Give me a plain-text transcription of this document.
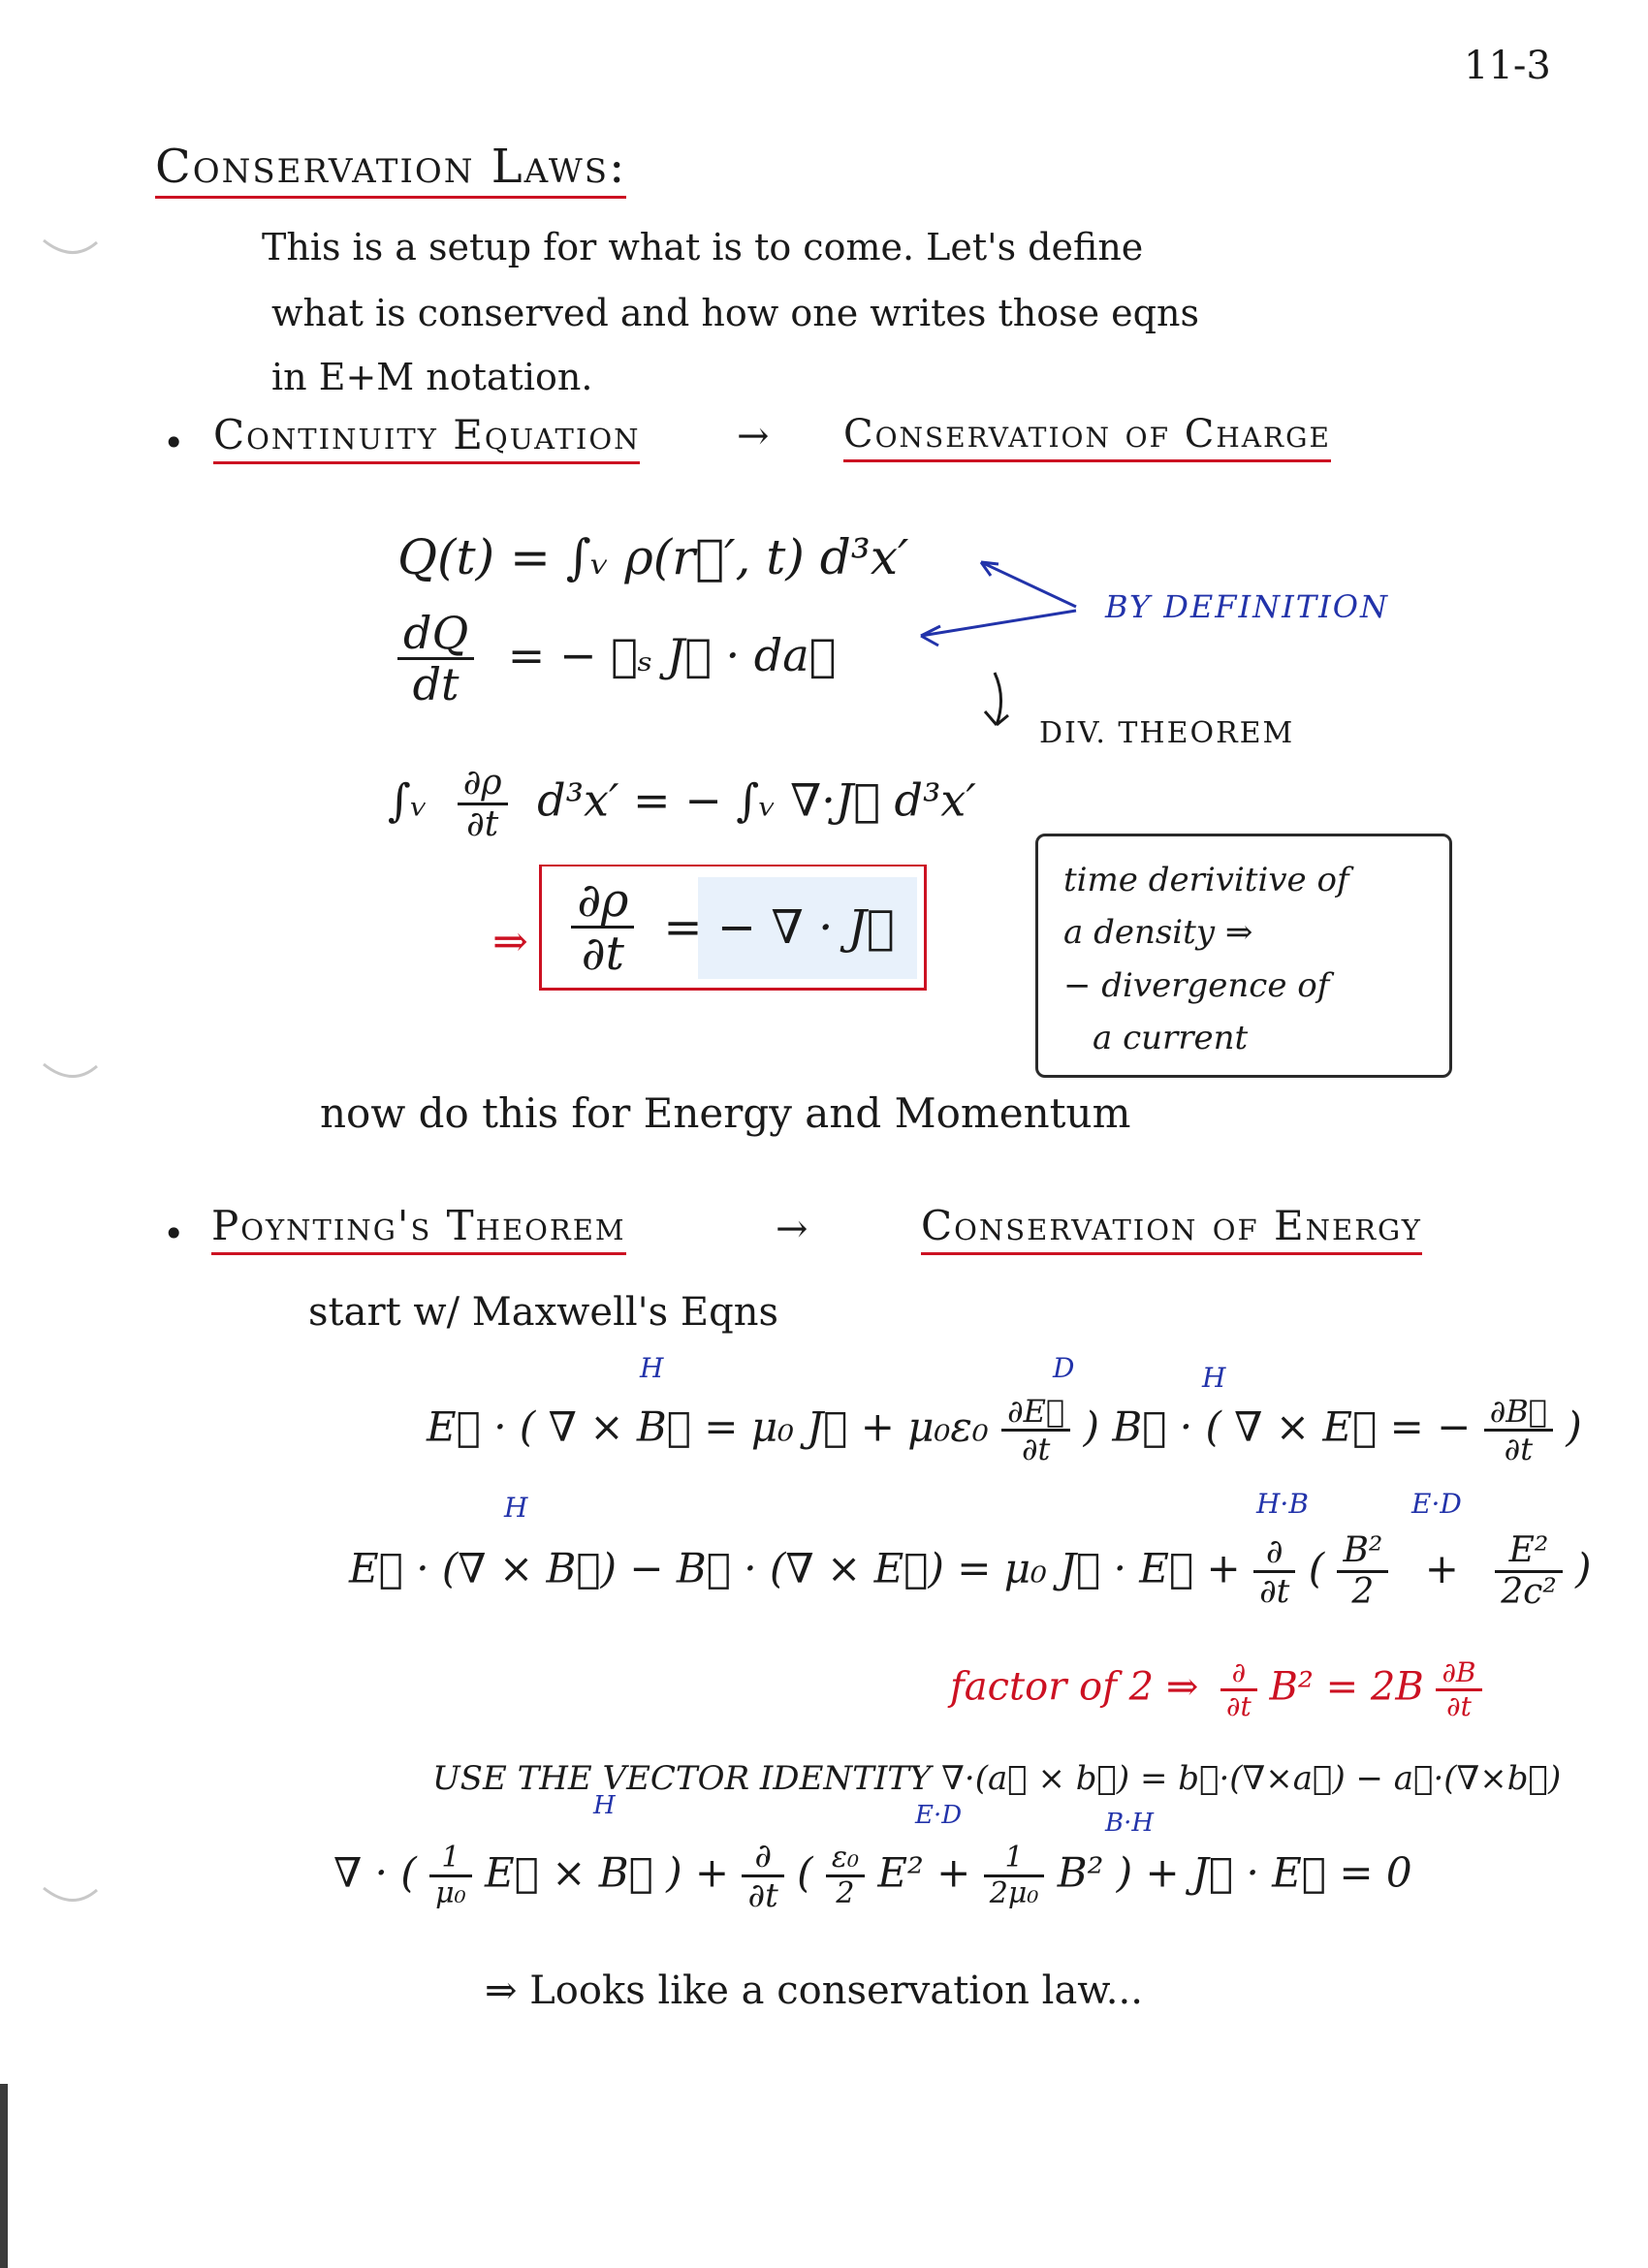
11-3
Conservation Laws:
This is a setup for what is to come. Let's define
what is conserved and how one writes those eqns
in E+M notation.
• Continuity Equation → Conservation of Charge
Q(t) = ∫ᵥ ρ(r⃗′, t) d³x′
$\frac{dQ}{dt}$ = − ∮ₛ J⃗ · da⃗
BY DEFINITION
DIV. THEOREM
∫ᵥ $\frac{\partial\rho}{\partial t} d^3x'$ = − ∫ᵥ ∇·J⃗ d³x′
⇒ $\frac{\partial\rho}{\partial t}$ = − ∇ · J⃗
time derivitive of
a density ⇒
− divergence of
a current
now do this for Energy and Momentum
• Poynting's Theorem	→	Conservation of Energy
start w/ Maxwell's Eqns
H	D	H
E⃗ · ( ∇ × B⃗ = μ₀ J⃗ + $\mu_0\varepsilon_0 \frac{\partial E⃗}{\partial t}$ ) B⃗ · ( ∇ × E⃗ = − $\frac{\partial B⃗}{\partial t}$ )
H	H·B	E·D
E⃗ · (∇ × B⃗) − B⃗ · (∇ × E⃗) = μ₀ J⃗ · E⃗ + $\frac{\partial}{\partial t}$ ( $\frac{\text{B²}}{2} + \frac{\text{E²}}{\text{2c²}}$ )
factor of 2 ⇒ $\frac{\partial}{\partial t} B^2 = 2B \frac{\partial B}{\partial t}$
USE THE VECTOR IDENTITY ∇·(a⃗ × b⃗) = b⃗·(∇×a⃗) − a⃗·(∇×b⃗)
H	E·D	B·H
∇ · ( $\frac{1}{\text{μ₀}}$ E⃗ × B⃗ ) + $\frac{\partial}{\partial t}$ ( $\frac{\text{ε₀}}{2} E^2 + \frac{1}{\text{2μ₀}} B^2$ ) + J⃗ · E⃗ = 0
⇒ Looks like a conservation law...
